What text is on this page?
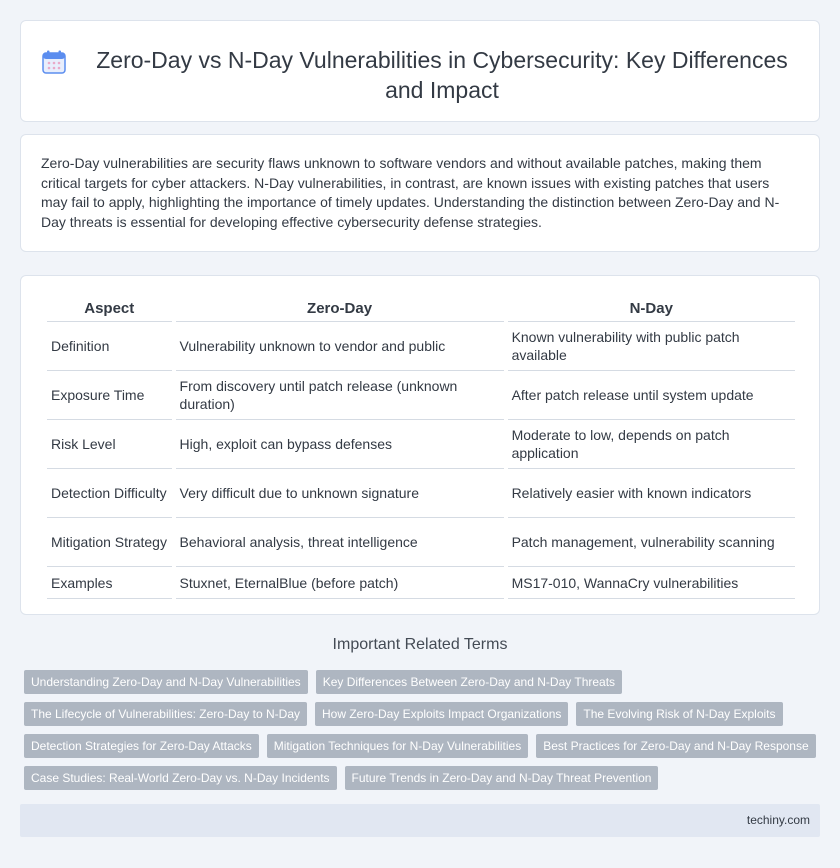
Zero-Day vs N-Day Vulnerabilities in Cybersecurity: Key Differences and Impact

Zero-Day vulnerabilities are security flaws unknown to software vendors and without available patches, making them critical targets for cyber attackers. N-Day vulnerabilities, in contrast, are known issues with existing patches that users may fail to apply, highlighting the importance of timely updates. Understanding the distinction between Zero-Day and N-Day threats is essential for developing effective cybersecurity defense strategies.

Aspect	Zero-Day	N-Day
Definition	Vulnerability unknown to vendor and public	Known vulnerability with public patch available
Exposure Time	From discovery until patch release (unknown duration)	After patch release until system update
Risk Level	High, exploit can bypass defenses	Moderate to low, depends on patch application
Detection Difficulty	Very difficult due to unknown signature	Relatively easier with known indicators
Mitigation Strategy	Behavioral analysis, threat intelligence	Patch management, vulnerability scanning
Examples	Stuxnet, EternalBlue (before patch)	MS17-010, WannaCry vulnerabilities
Important Related Terms
Understanding Zero-Day and N-Day Vulnerabilities	Key Differences Between Zero-Day and N-Day Threats
The Lifecycle of Vulnerabilities: Zero-Day to N-Day	How Zero-Day Exploits Impact Organizations	The Evolving Risk of N-Day Exploits
Detection Strategies for Zero-Day Attacks	Mitigation Techniques for N-Day Vulnerabilities	Best Practices for Zero-Day and N-Day Response
Case Studies: Real-World Zero-Day vs. N-Day Incidents	Future Trends in Zero-Day and N-Day Threat Prevention
techiny.com
